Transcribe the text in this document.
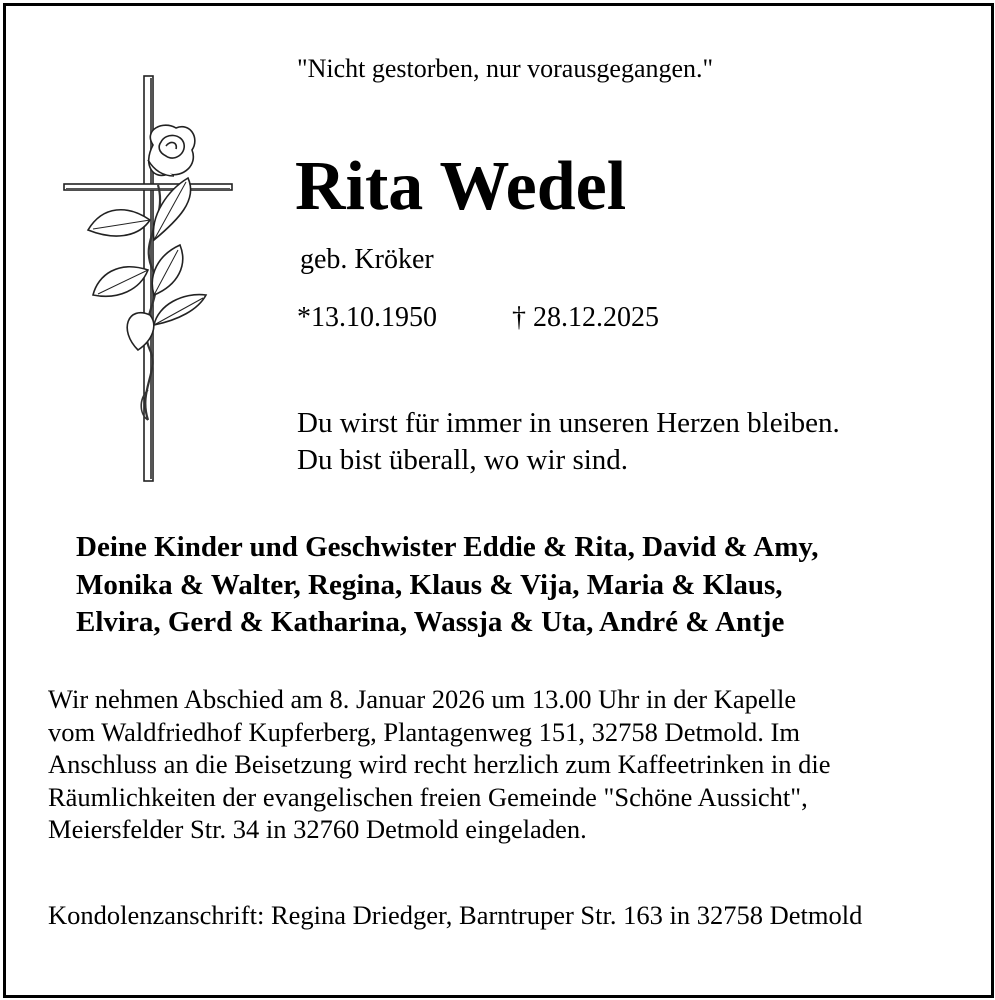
"Nicht gestorben, nur vorausgegangen."
Rita Wedel
geb. Kröker
*13.10.1950	† 28.12.2025
Du wirst für immer in unseren Herzen bleiben.
Du bist überall, wo wir sind.
Deine Kinder und Geschwister Eddie & Rita, David & Amy,
Monika & Walter, Regina, Klaus & Vija, Maria & Klaus,
Elvira, Gerd & Katharina, Wassja & Uta, André & Antje
Wir nehmen Abschied am 8. Januar 2026 um 13.00 Uhr in der Kapelle
vom Waldfriedhof Kupferberg, Plantagenweg 151, 32758 Detmold. Im
Anschluss an die Beisetzung wird recht herzlich zum Kaffeetrinken in die
Räumlichkeiten der evangelischen freien Gemeinde "Schöne Aussicht",
Meiersfelder Str. 34 in 32760 Detmold eingeladen.
Kondolenzanschrift: Regina Driedger, Barntruper Str. 163 in 32758 Detmold
